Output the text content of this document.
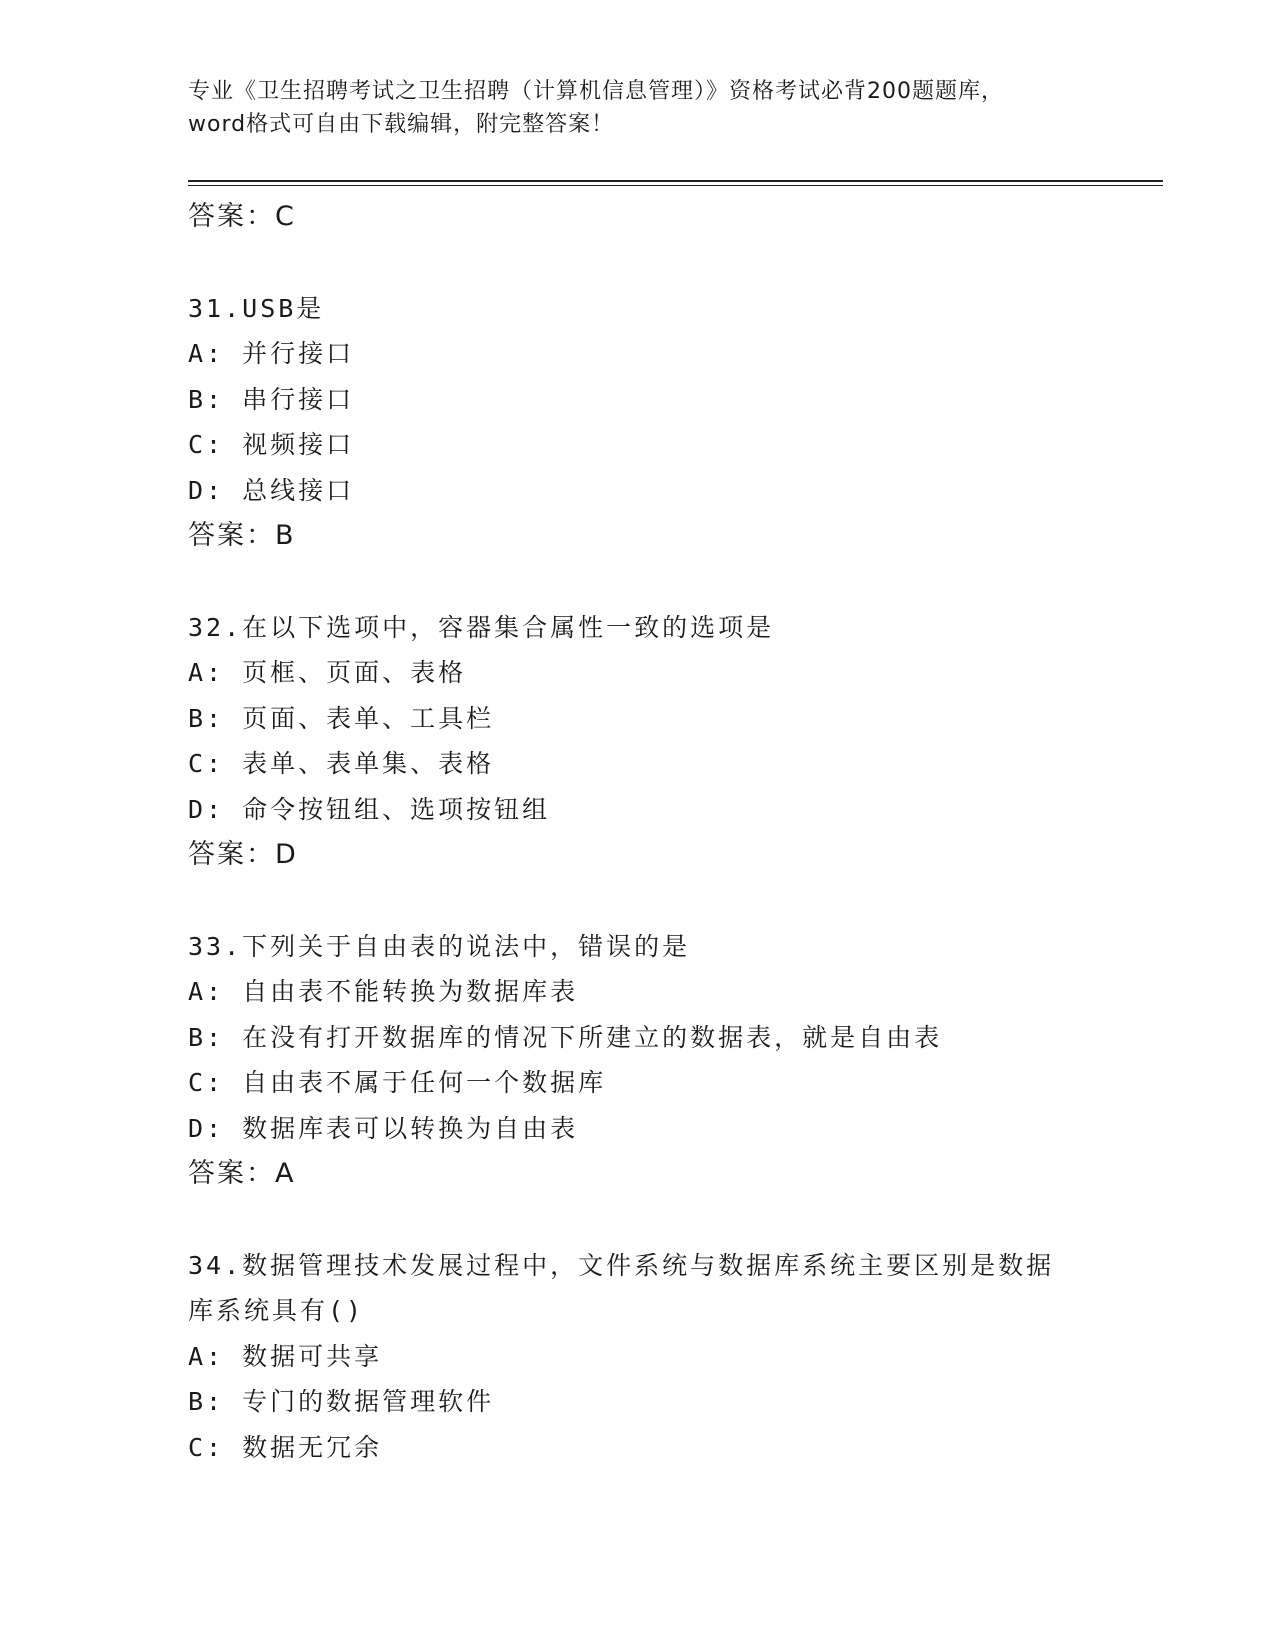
专业《卫生招聘考试之卫生招聘（计算机信息管理）》资格考试必背200题题库，
word格式可自由下载编辑，附完整答案！
答案：C
31.USB是
A: 并行接口
B: 串行接口
C: 视频接口
D: 总线接口
答案：B
32.在以下选项中，容器集合属性一致的选项是
A: 页框、页面、表格
B: 页面、表单、工具栏
C: 表单、表单集、表格
D: 命令按钮组、选项按钮组
答案：D
33.下列关于自由表的说法中，错误的是
A: 自由表不能转换为数据库表
B: 在没有打开数据库的情况下所建立的数据表，就是自由表
C: 自由表不属于任何一个数据库
D: 数据库表可以转换为自由表
答案：A
34.数据管理技术发展过程中，文件系统与数据库系统主要区别是数据
库系统具有()
A: 数据可共享
B: 专门的数据管理软件
C: 数据无冗余
